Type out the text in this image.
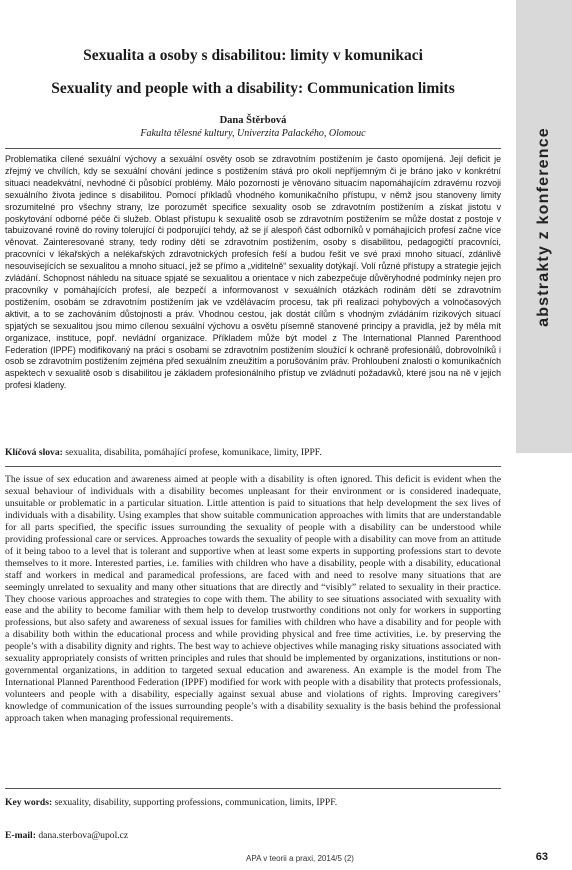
abstrakty z konference
Sexualita a osoby s disabilitou: limity v komunikaci
Sexuality and people with a disability: Communication limits
Dana Štěrbová
Fakulta tělesné kultury, Univerzita Palackého, Olomouc

Problematika cílené sexuální výchovy a sexuální osvěty osob se zdravotním postižením je často opomíjená. Její deficit je zřejmý ve chvílích, kdy se sexuální chování jedince s postižením stává pro okolí nepříjemným či je bráno jako v konkrétní situaci neadekvátní, nevhodné či působící problémy. Málo pozornosti je věnováno situacím napomáhajícím zdravému rozvoji sexuálního života jedince s disabilitou. Pomocí příkladů vhodného komunikačního přístupu, v němž jsou stanoveny limity srozumitelné pro všechny strany, lze porozumět specifice sexuality osob se zdravotním postižením a získat jistotu v poskytování odborné péče či služeb. Oblast přístupu k sexualitě osob se zdravotním postižením se může dostat z postoje v tabuizované rovině do roviny tolerující či podporující tehdy, až se jí alespoň část odborníků v pomáhajících profesí začne více věnovat. Zainteresované strany, tedy rodiny dětí se zdravotním postižením, osoby s disabilitou, pedagogičtí pracovníci, pracovníci v lékařských a nelékařských zdravotnických profesích řeší a budou řešit ve své praxi mnoho situací, zdánlivě nesouvisejících se sexualitou a mnoho situací, jež se přímo a „viditelně“ sexuality dotýkají. Volí různé přístupy a strategie jejich zvládání. Schopnost náhledu na situace spjaté se sexualitou a orientace v nich zabezpečuje důvěryhodné podmínky nejen pro pracovníky v pomáhajících profesí, ale bezpečí a informovanost v sexuálních otázkách rodinám dětí se zdravotním postižením, osobám se zdravotním postižením jak ve vzdělávacím procesu, tak při realizaci pohybových a volnočasových aktivit, a to se zachováním důstojnosti a práv. Vhodnou cestou, jak dostát cílům s vhodným zvládáním rizikových situací spjatých se sexualitou jsou mimo cílenou sexuální výchovu a osvětu písemně stanovené principy a pravidla, jež by měla mít organizace, instituce, popř. nevládní organizace. Příkladem může být model z The International Planned Parenthood Federation (IPPF) modifikovaný na práci s osobami se zdravotním postižením sloužící k ochraně profesionálů, dobrovolníků i osob se zdravotním postižením zejména před sexuálním zneužitím a porušováním práv. Prohloubení znalosti o komunikačních aspektech v sexualitě osob s disabilitou je základem profesionálního přístup ve zvládnutí požadavků, které jsou na ně v jejich profesi kladeny.

Klíčová slova: sexualita, disabilita, pomáhající profese, komunikace, limity, IPPF.

The issue of sex education and awareness aimed at people with a disability is often ignored. This deficit is evident when the sexual behaviour of individuals with a disability becomes unpleasant for their environment or is considered inadequate, unsuitable or problematic in a particular situation. Little attention is paid to situations that help development the sex lives of individuals with a disability. Using examples that show suitable communication approaches with limits that are understandable for all parts specified, the specific issues surrounding the sexuality of people with a disability can be understood while providing professional care or services. Approaches towards the sexuality of people with a disability can move from an attitude of it being taboo to a level that is tolerant and supportive when at least some experts in supporting professions start to devote themselves to it more. Interested parties, i.e. families with children who have a disability, people with a disability, educational staff and workers in medical and paramedical professions, are faced with and need to resolve many situations that are seemingly unrelated to sexuality and many other situations that are directly and “visibly” related to sexuality in their practice. They choose various approaches and strategies to cope with them. The ability to see situations associated with sexuality with ease and the ability to become familiar with them help to develop trustworthy conditions not only for workers in supporting professions, but also safety and awareness of sexual issues for families with children who have a disability and for people with a disability both within the educational process and while providing physical and free time activities, i.e. by preserving the people’s with a disability dignity and rights. The best way to achieve objectives while managing risky situations associated with sexuality appropriately consists of written principles and rules that should be implemented by organizations, institutions or non-governmental organizations, in addition to targeted sexual education and awareness. An example is the model from The International Planned Parenthood Federation (IPPF) modified for work with people with a disability that protects professionals, volunteers and people with a disability, especially against sexual abuse and violations of rights. Improving caregivers’ knowledge of communication of the issues surrounding people’s with a disability sexuality is the basis behind the professional approach taken when managing professional requirements.

Key words: sexuality, disability, supporting professions, communication, limits, IPPF.
E-mail: dana.sterbova@upol.cz
APA v teorii a praxi, 2014/5 (2)	63
